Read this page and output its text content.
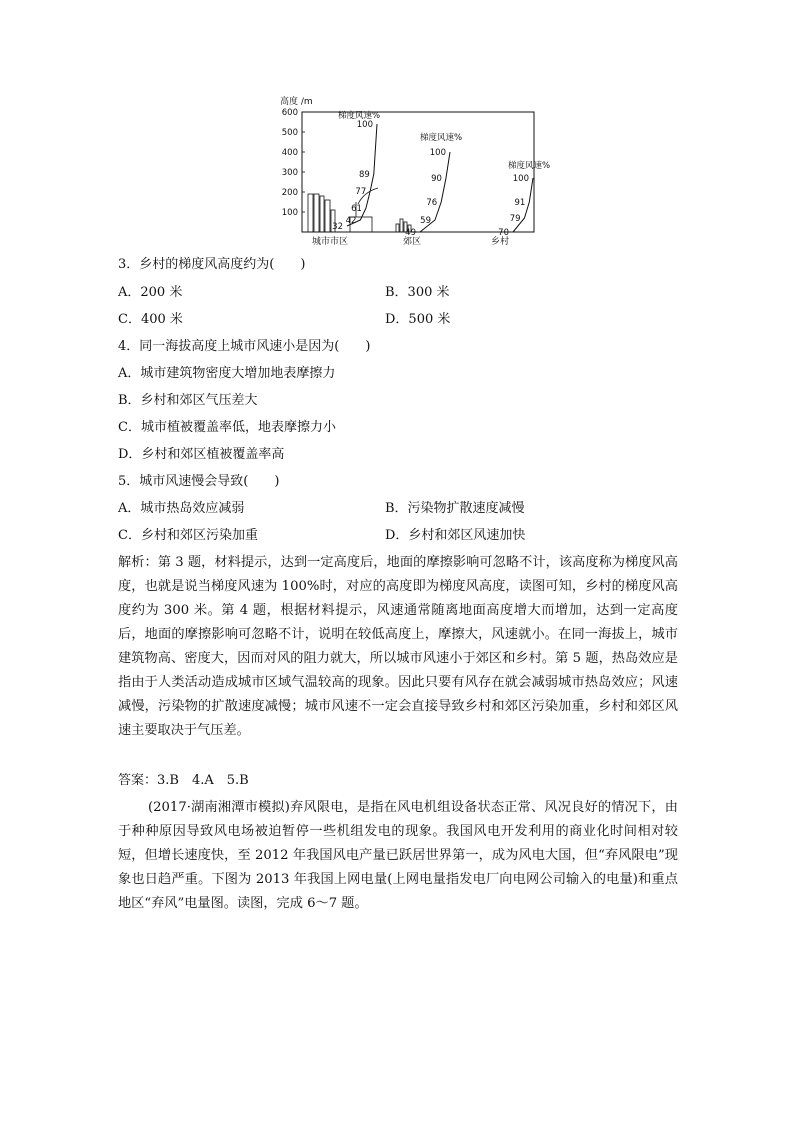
高度 /m
600
500
400
300
200
100
32
42
61
77
89
100
梯度风速%
49
59
76
90
100
梯度风速%
70
79
91
100
梯度风速%
城市市区	郊区	乡村
3．乡村的梯度风高度约为(　　)
A．200 米	B．300 米
C．400 米	D．500 米
4．同一海拔高度上城市风速小是因为(　　)
A．城市建筑物密度大增加地表摩擦力
B．乡村和郊区气压差大
C．城市植被覆盖率低，地表摩擦力小
D．乡村和郊区植被覆盖率高
5．城市风速慢会导致(　　)
A．城市热岛效应减弱	B．污染物扩散速度减慢
C．乡村和郊区污染加重	D．乡村和郊区风速加快
解析：第 3 题，材料提示，达到一定高度后，地面的摩擦影响可忽略不计，该高度称为梯度风高度，也就是说当梯度风速为 100%时，对应的高度即为梯度风高度，读图可知，乡村的梯度风高度约为 300 米。第 4 题，根据材料提示，风速通常随离地面高度增大而增加，达到一定高度后，地面的摩擦影响可忽略不计，说明在较低高度上，摩擦大，风速就小。在同一海拔上，城市建筑物高、密度大，因而对风的阻力就大，所以城市风速小于郊区和乡村。第 5 题，热岛效应是指由于人类活动造成城市区域气温较高的现象。因此只要有风存在就会减弱城市热岛效应；风速减慢，污染物的扩散速度减慢；城市风速不一定会直接导致乡村和郊区污染加重，乡村和郊区风速主要取决于气压差。
答案：3.B　4.A　5.B
(2017·湖南湘潭市模拟)弃风限电，是指在风电机组设备状态正常、风况良好的情况下，由于种种原因导致风电场被迫暂停一些机组发电的现象。我国风电开发利用的商业化时间相对较短，但增长速度快，至 2012 年我国风电产量已跃居世界第一，成为风电大国，但“弃风限电”现象也日趋严重。下图为 2013 年我国上网电量(上网电量指发电厂向电网公司输入的电量)和重点地区“弃风”电量图。读图，完成 6～7 题。
